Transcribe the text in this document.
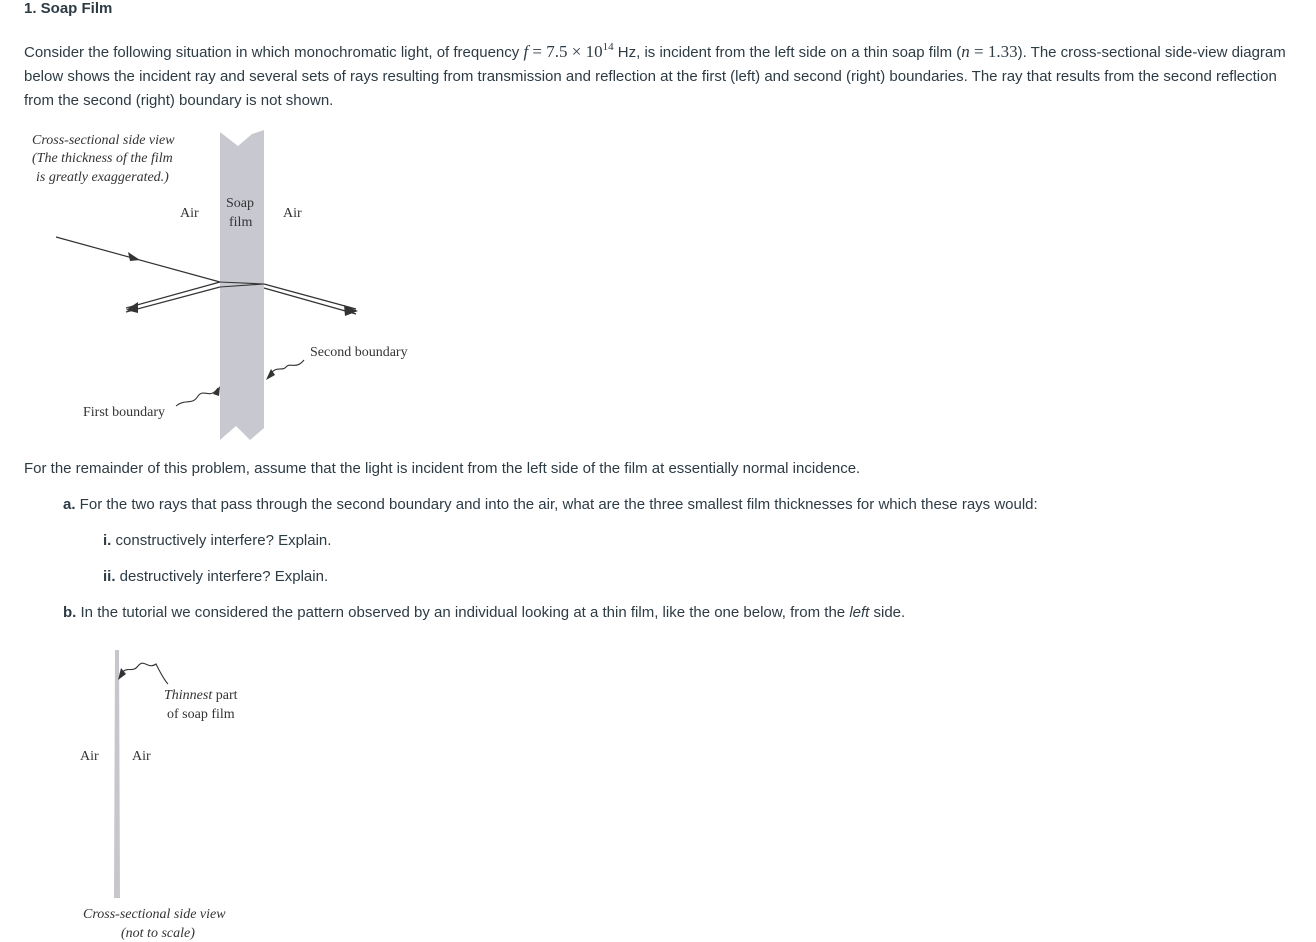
1. Soap Film

Consider the following situation in which monochromatic light, of frequency $f = 7.5 \times 10^{14}$ Hz, is incident from the left side on a thin soap film (n = 1.33). The cross-sectional side-view diagram below shows the incident ray and several sets of rays resulting from transmission and reflection at the first (left) and second (right) boundaries. The ray that results from the second reflection from the second (right) boundary is not shown.

Cross-sectional side view
(The thickness of the film
is greatly exaggerated.)
Air
Soap
film
Air
Second boundary
First boundary
For the remainder of this problem, assume that the light is incident from the left side of the film at essentially normal incidence.
a. For the two rays that pass through the second boundary and into the air, what are the three smallest film thicknesses for which these rays would:
i. constructively interfere? Explain.
ii. destructively interfere? Explain.
b. In the tutorial we considered the pattern observed by an individual looking at a thin film, like the one below, from the left side.
Thinnest part
of soap film
Air Air
Cross-sectional side view
(not to scale)
